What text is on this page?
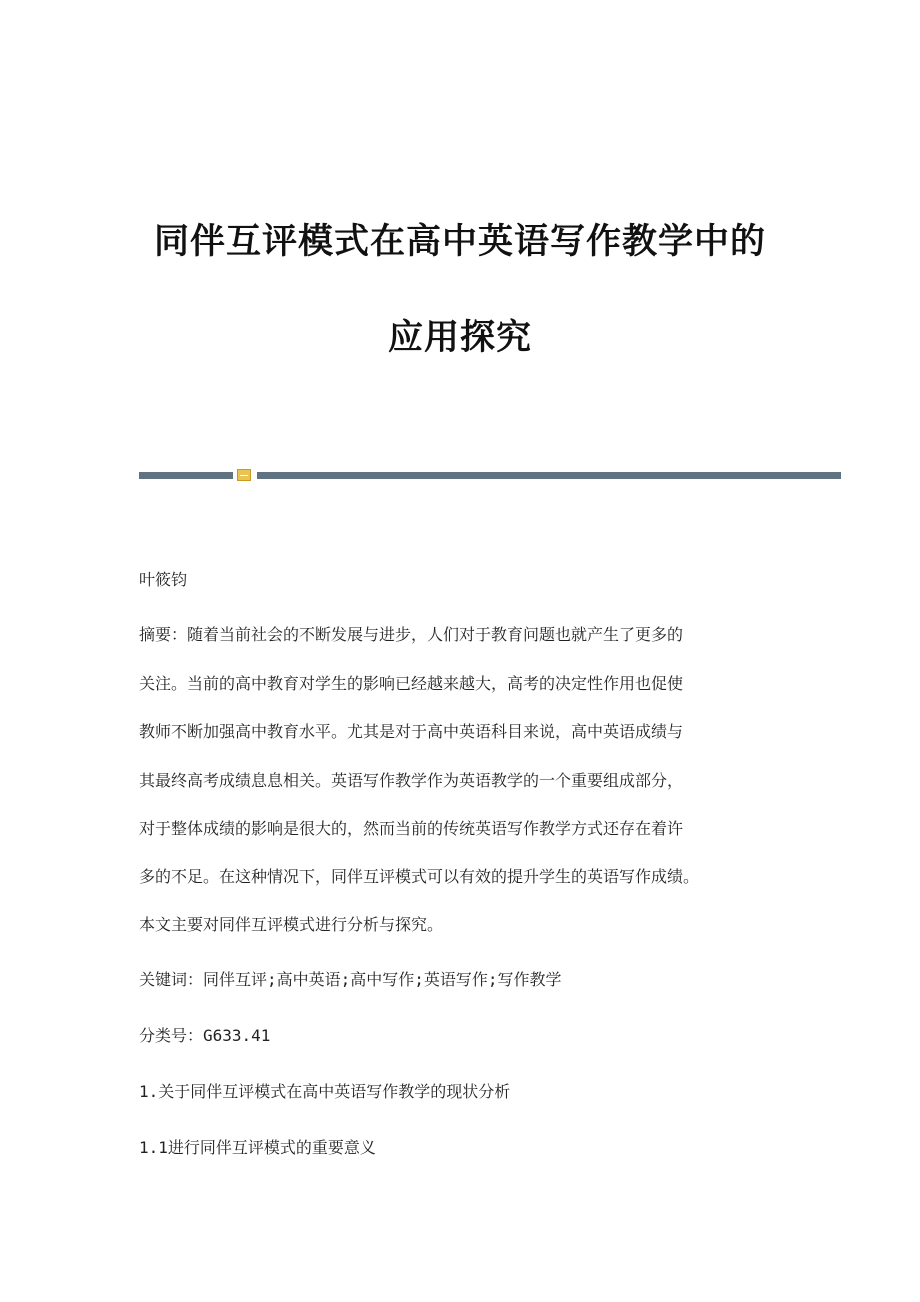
同伴互评模式在高中英语写作教学中的
应用探究
叶筱钧
摘要：随着当前社会的不断发展与进步，人们对于教育问题也就产生了更多的
关注。当前的高中教育对学生的影响已经越来越大，高考的决定性作用也促使
教师不断加强高中教育水平。尤其是对于高中英语科目来说，高中英语成绩与
其最终高考成绩息息相关。英语写作教学作为英语教学的一个重要组成部分，
对于整体成绩的影响是很大的，然而当前的传统英语写作教学方式还存在着许
多的不足。在这种情况下，同伴互评模式可以有效的提升学生的英语写作成绩。
本文主要对同伴互评模式进行分析与探究。
关键词：同伴互评;高中英语;高中写作;英语写作;写作教学
分类号：G633.41
1.关于同伴互评模式在高中英语写作教学的现状分析
1.1进行同伴互评模式的重要意义
